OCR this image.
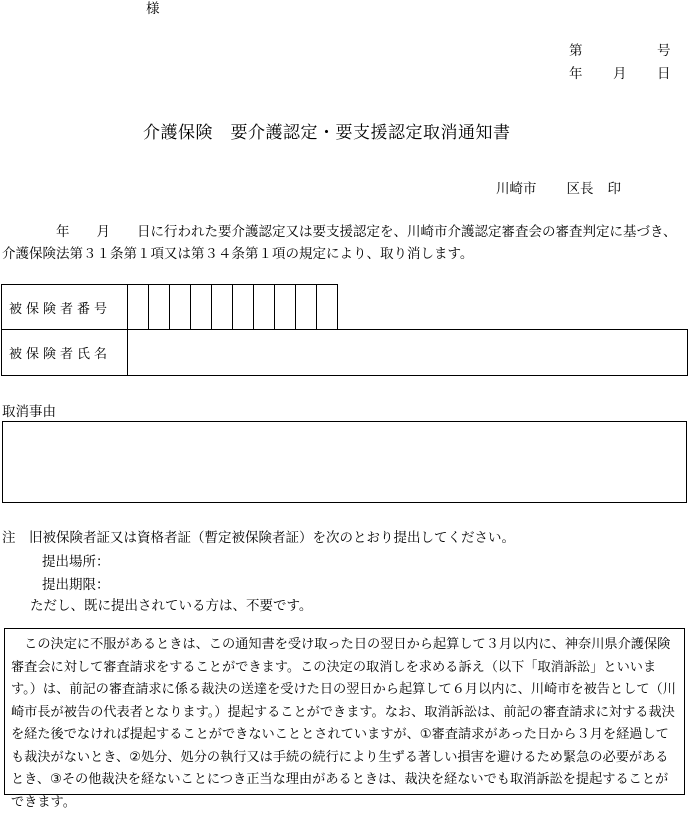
様
第	号
年 月 日
介護保険　要介護認定・要支援認定取消通知書
川崎市 区長 印
　　　　年　　月　　日に行われた要介護認定又は要支援認定を、川崎市介護認定審査会の審査判定に基づき、介護保険法第３１条第１項又は第３４条第１項の規定により、取り消します。
被保険者番号										
被保険者氏名	
取消事由
注　旧被保険者証又は資格者証（暫定被保険者証）を次のとおり提出してください。
提出場所：
提出期限：
ただし、既に提出されている方は、不要です。
　この決定に不服があるときは、この通知書を受け取った日の翌日から起算して３月以内に、神奈川県介護保険審査会に対して審査請求をすることができます。この決定の取消しを求める訴え（以下「取消訴訟」といいます。）は、前記の審査請求に係る裁決の送達を受けた日の翌日から起算して６月以内に、川崎市を被告として（川崎市長が被告の代表者となります。）提起することができます。なお、取消訴訟は、前記の審査請求に対する裁決を経た後でなければ提起することができないこととされていますが、①審査請求があった日から３月を経過しても裁決がないとき、②処分、処分の執行又は手続の続行により生ずる著しい損害を避けるため緊急の必要があるとき、③その他裁決を経ないことにつき正当な理由があるときは、裁決を経ないでも取消訴訟を提起することができます。
